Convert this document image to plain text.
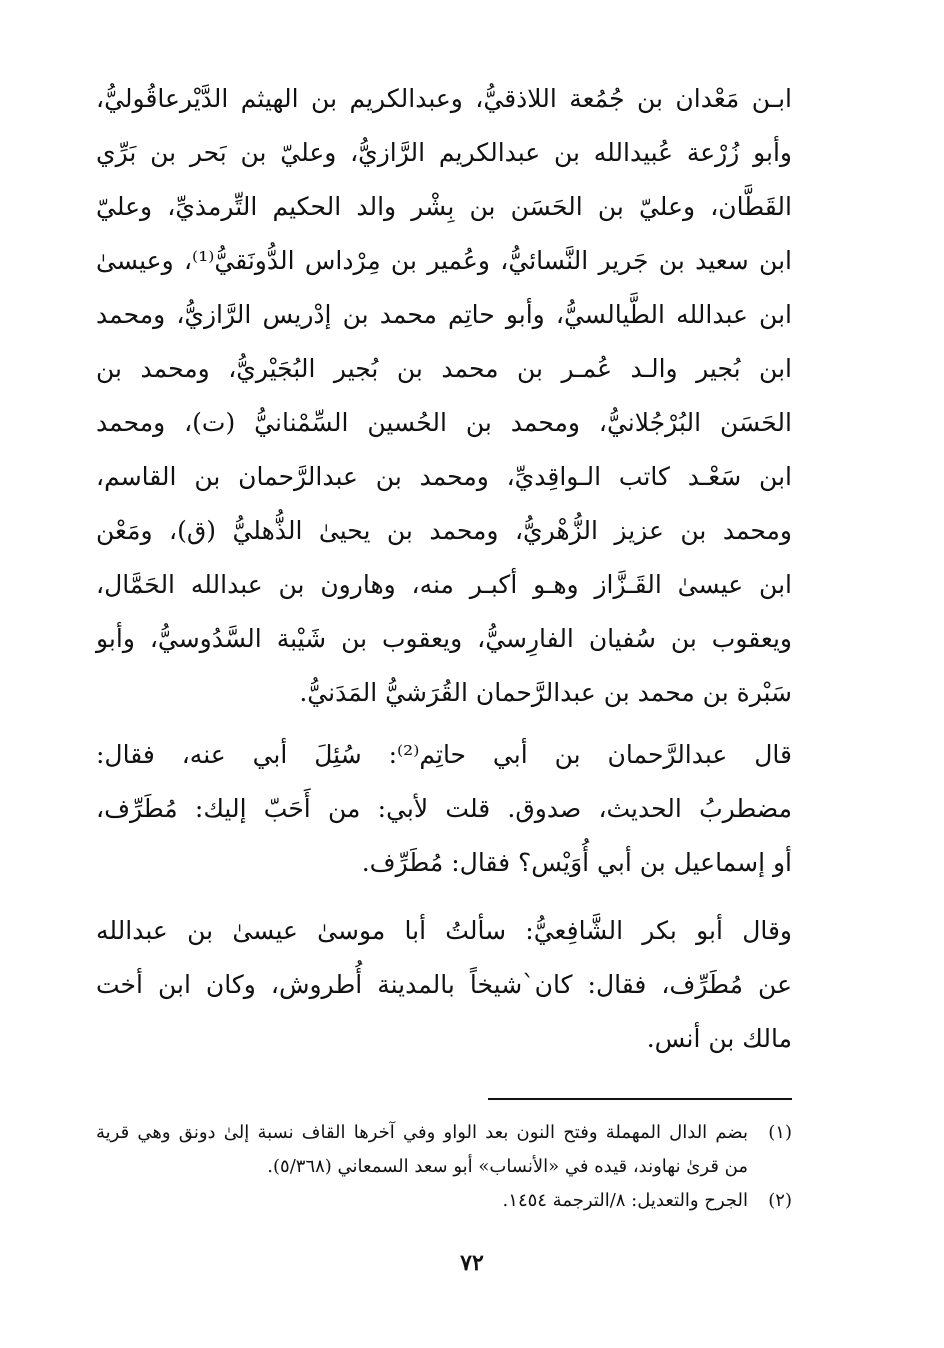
ابـن مَعْدان بن جُمُعة اللاذقيُّ، وعبدالكريم بن الهيثم الدَّيْرعاقُوليُّ،
وأبو زُرْعة عُبيدالله بن عبدالكريم الرَّازيُّ، وعليّ بن بَحر بن بَرِّي
القَطَّان، وعليّ بن الحَسَن بن بِشْر والد الحكيم التِّرمذيِّ، وعليّ
ابن سعيد بن جَرير النَّسائيُّ، وعُمير بن مِرْداس الدُّونَقيُّ⁽¹⁾، وعيسىٰ
ابن عبدالله الطَّيالسيُّ، وأبو حاتِم محمد بن إدْريس الرَّازيُّ، ومحمد
ابن بُجير والـد عُمـر بن محمد بن بُجير البُجَيْريُّ، ومحمد بن
الحَسَن البُرْجُلانيُّ، ومحمد بن الحُسين السِّمْنانيُّ (ت)، ومحمد
ابن سَعْـد كاتب الـواقِديِّ، ومحمد بن عبدالرَّحمان بن القاسم،
ومحمد بن عزيز الزُّهْريُّ، ومحمد بن يحيىٰ الذُّهليُّ (ق)، ومَعْن
ابن عيسىٰ القَـزَّاز وهـو أكبـر منه، وهارون بن عبدالله الحَمَّال،
ويعقوب بن سُفيان الفارِسيُّ، ويعقوب بن شَيْبة السَّدُوسيُّ، وأبو
سَبْرة بن محمد بن عبدالرَّحمان القُرَشيُّ المَدَنيُّ.
قال عبدالرَّحمان بن أبي حاتِم⁽²⁾: سُئِلَ أبي عنه، فقال:
مضطربُ الحديث، صدوق. قلت لأبي: من أَحَبّ إليك: مُطَرِّف،
أو إسماعيل بن أبي أُوَيْس؟ فقال: مُطَرِّف.
وقال أبو بكر الشَّافِعيُّ: سألتُ أبا موسىٰ عيسىٰ بن عبدالله
عن مُطَرِّف، فقال: كان`شيخاً بالمدينة أُطروش، وكان ابن أخت
مالك بن أنس.
(١)
بضم الدال المهملة وفتح النون بعد الواو وفي آخرها القاف نسبة إلىٰ دونق وهي قرية
من قرىٰ نهاوند، قيده في «الأنساب» أبو سعد السمعاني (٥/٣٦٨).
(٢)
الجرح والتعديل: ٨/الترجمة ١٤٥٤.
٧٢
